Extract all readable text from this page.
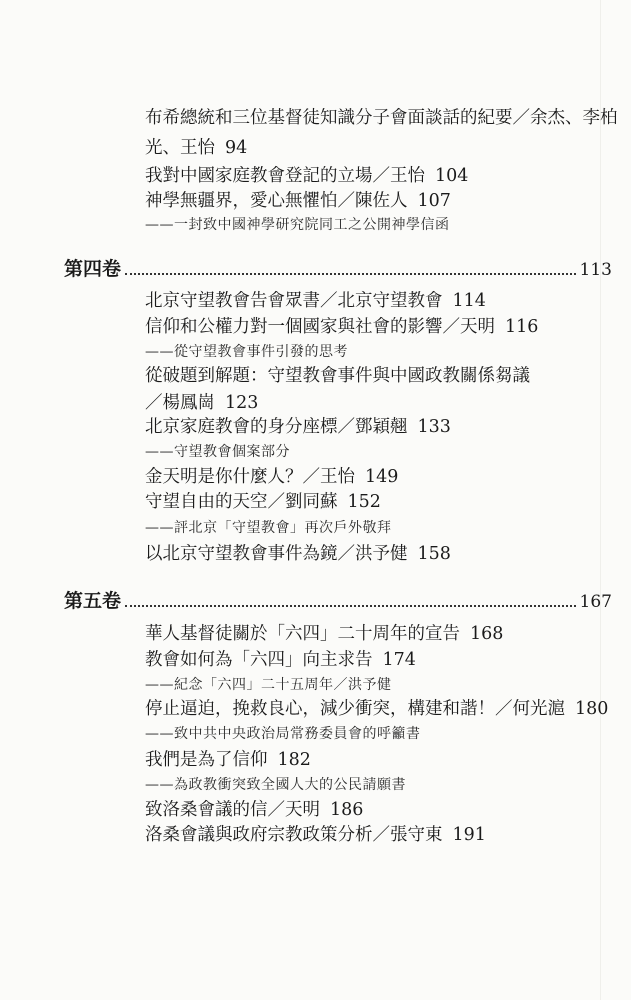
布希總統和三位基督徒知識分子會面談話的紀要／余杰、李柏
光、王怡 94
我對中國家庭教會登記的立場／王怡 104
神學無疆界，愛心無懼怕／陳佐人 107
——一封致中國神學研究院同工之公開神學信函
第四卷	113
北京守望教會告會眾書／北京守望教會 114
信仰和公權力對一個國家與社會的影響／天明 116
——從守望教會事件引發的思考
從破題到解題：守望教會事件與中國政教關係芻議
／楊鳳崗 123
北京家庭教會的身分座標／鄧穎翹 133
——守望教會個案部分
金天明是你什麼人？／王怡 149
守望自由的天空／劉同蘇 152
——評北京「守望教會」再次戶外敬拜
以北京守望教會事件為鏡／洪予健 158
第五卷	167
華人基督徒關於「六四」二十周年的宣告 168
教會如何為「六四」向主求告 174
——紀念「六四」二十五周年／洪予健
停止逼迫，挽救良心，減少衝突，構建和諧！／何光滬 180
——致中共中央政治局常務委員會的呼籲書
我們是為了信仰 182
——為政教衝突致全國人大的公民請願書
致洛桑會議的信／天明 186
洛桑會議與政府宗教政策分析／張守東 191
